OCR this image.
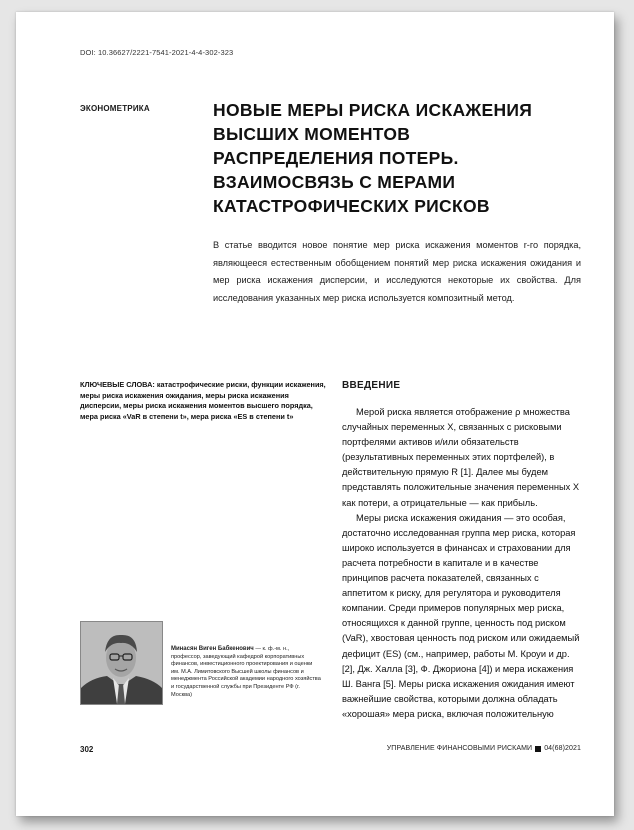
DOI: 10.36627/2221-7541-2021-4-4-302-323
ЭКОНОМЕТРИКА	НОВЫЕ МЕРЫ РИСКА ИСКАЖЕНИЯ ВЫСШИХ МОМЕНТОВ РАСПРЕДЕЛЕНИЯ ПОТЕРЬ. ВЗАИМОСВЯЗЬ С МЕРАМИ КАТАСТРОФИЧЕСКИХ РИСКОВ
В статье вводится новое понятие мер риска искажения моментов r-го порядка, являющееся естественным обобщением понятий мер риска искажения ожидания и мер риска искажения дисперсии, и исследуются некоторые их свойства. Для исследования указанных мер риска используется композитный метод.
КЛЮЧЕВЫЕ СЛОВА: катастрофические риски, функции искажения, меры риска искажения ожидания, меры риска искажения дисперсии, меры риска искажения моментов высшего порядка, мера риска «VaR в степени t», мера риска «ES в степени t»
ВВЕДЕНИЕ

Мерой риска является отображение ρ множества случайных переменных X, связанных с рисковыми портфелями активов и/или обязательств (результативных переменных этих портфелей), в действительную прямую R [1]. Далее мы будем представлять положительные значения переменных X как потери, а отрицательные — как прибыль.

Меры риска искажения ожидания — это особая, достаточно исследованная группа мер риска, которая широко используется в финансах и страховании для расчета потребности в капитале и в качестве принципов расчета показателей, связанных с аппетитом к риску, для регулятора и руководителя компании. Среди примеров популярных мер риска, относящихся к данной группе, ценность под риском (VaR), хвостовая ценность под риском или ожидаемый дефицит (ES) (см., например, работы М. Кроуи и др. [2], Дж. Халла [3], Ф. Джориона [4]) и мера искажения Ш. Ванга [5]. Меры риска искажения ожидания имеют важнейшие свойства, которыми должна обладать «хорошая» мера риска, включая положительную

Минасян Виген Бабкенович — к. ф.-м. н., профессор, заведующий кафедрой корпоративных финансов, инвестиционного проектирования и оценки им. М.А. Лимитовского Высшей школы финансов и менеджмента Российской академии народного хозяйства и государственной службы при Президенте РФ (г. Москва)
302	УПРАВЛЕНИЕ ФИНАНСОВЫМИ РИСКАМИ 04(68)2021
